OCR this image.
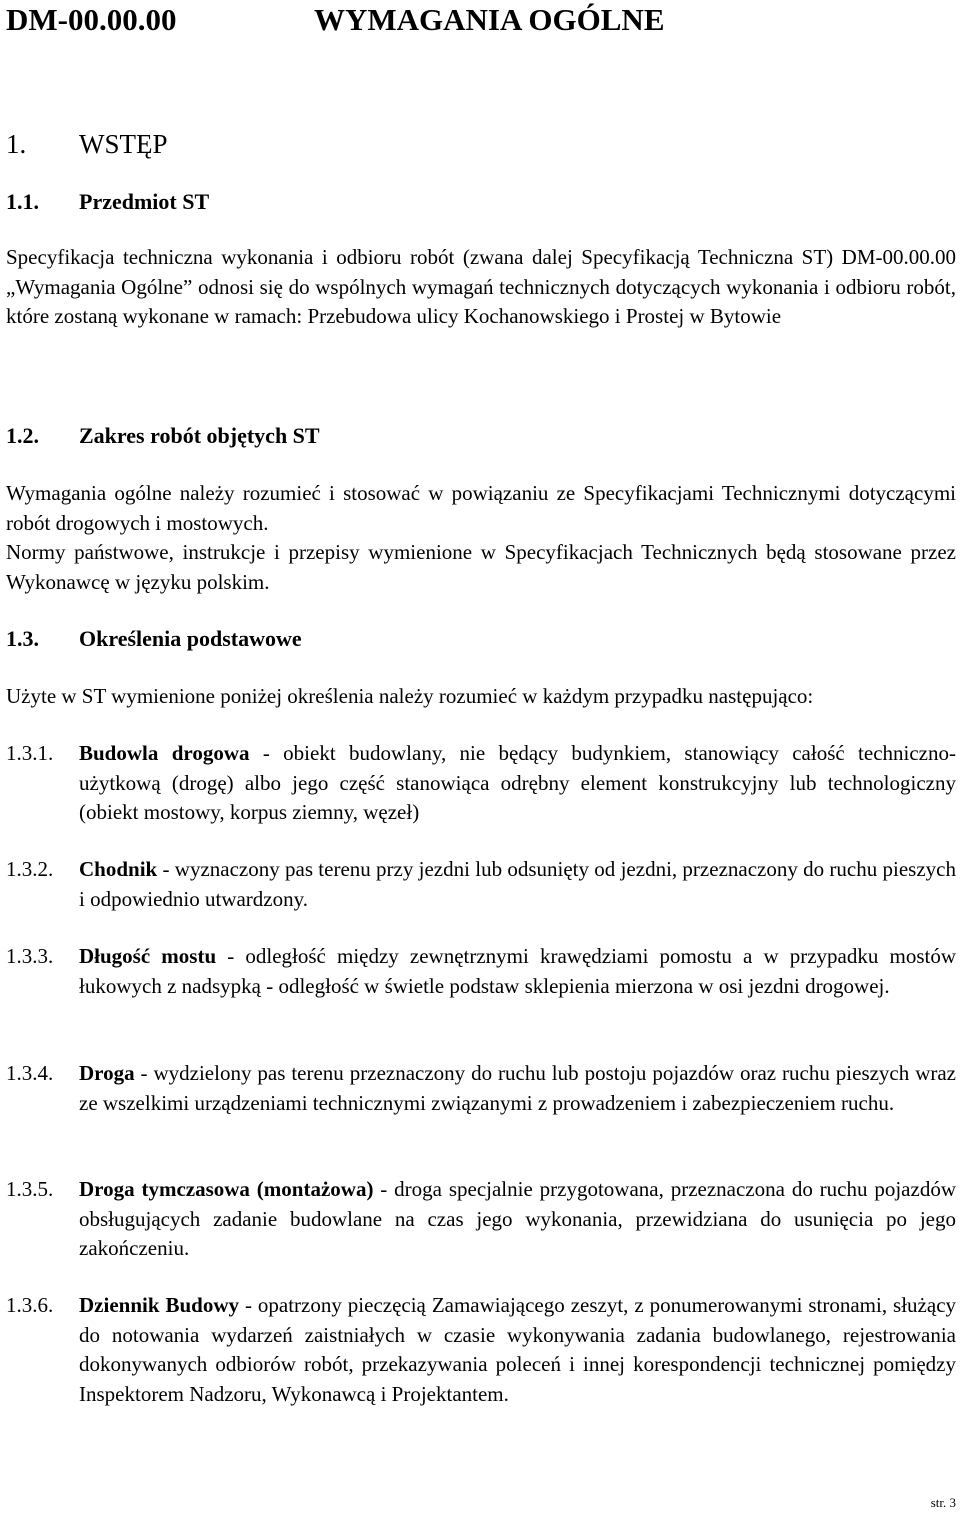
DM-00.00.00	WYMAGANIA OGÓLNE
1. WSTĘP
1.1. Przedmiot ST

Specyfikacja techniczna wykonania i odbioru robót (zwana dalej Specyfikacją Techniczna ST) DM-00.00.00 „Wymagania Ogólne” odnosi się do wspólnych wymagań technicznych dotyczących wykonania i odbioru robót, które zostaną wykonane w ramach: Przebudowa ulicy Kochanowskiego i Prostej w Bytowie

1.2. Zakres robót objętych ST

Wymagania ogólne należy rozumieć i stosować w powiązaniu ze Specyfikacjami Technicznymi dotyczącymi robót drogowych i mostowych.

Normy państwowe, instrukcje i przepisy wymienione w Specyfikacjach Technicznych będą stosowane przez Wykonawcę w języku polskim.

1.3. Określenia podstawowe

Użyte w ST wymienione poniżej określenia należy rozumieć w każdym przypadku następująco:

1.3.1.	Budowla drogowa - obiekt budowlany, nie będący budynkiem, stanowiący całość techniczno-użytkową (drogę) albo jego część stanowiąca odrębny element konstrukcyjny lub technologiczny (obiekt mostowy, korpus ziemny, węzeł)
1.3.2.	Chodnik - wyznaczony pas terenu przy jezdni lub odsunięty od jezdni, przeznaczony do ruchu pieszych i odpowiednio utwardzony.
1.3.3.	Długość mostu - odległość między zewnętrznymi krawędziami pomostu a w przypadku mostów łukowych z nadsypką - odległość w świetle podstaw sklepienia mierzona w osi jezdni drogowej.
1.3.4.	Droga - wydzielony pas terenu przeznaczony do ruchu lub postoju pojazdów oraz ruchu pieszych wraz ze wszelkimi urządzeniami technicznymi związanymi z prowadzeniem i zabezpieczeniem ruchu.
1.3.5.	Droga tymczasowa (montażowa) - droga specjalnie przygotowana, przeznaczona do ruchu pojazdów obsługujących zadanie budowlane na czas jego wykonania, przewidziana do usunięcia po jego zakończeniu.
1.3.6.	Dziennik Budowy - opatrzony pieczęcią Zamawiającego zeszyt, z ponumerowanymi stronami, służący do notowania wydarzeń zaistniałych w czasie wykonywania zadania budowlanego, rejestrowania dokonywanych odbiorów robót, przekazywania poleceń i innej korespondencji technicznej pomiędzy Inspektorem Nadzoru, Wykonawcą i Projektantem.
str. 3
